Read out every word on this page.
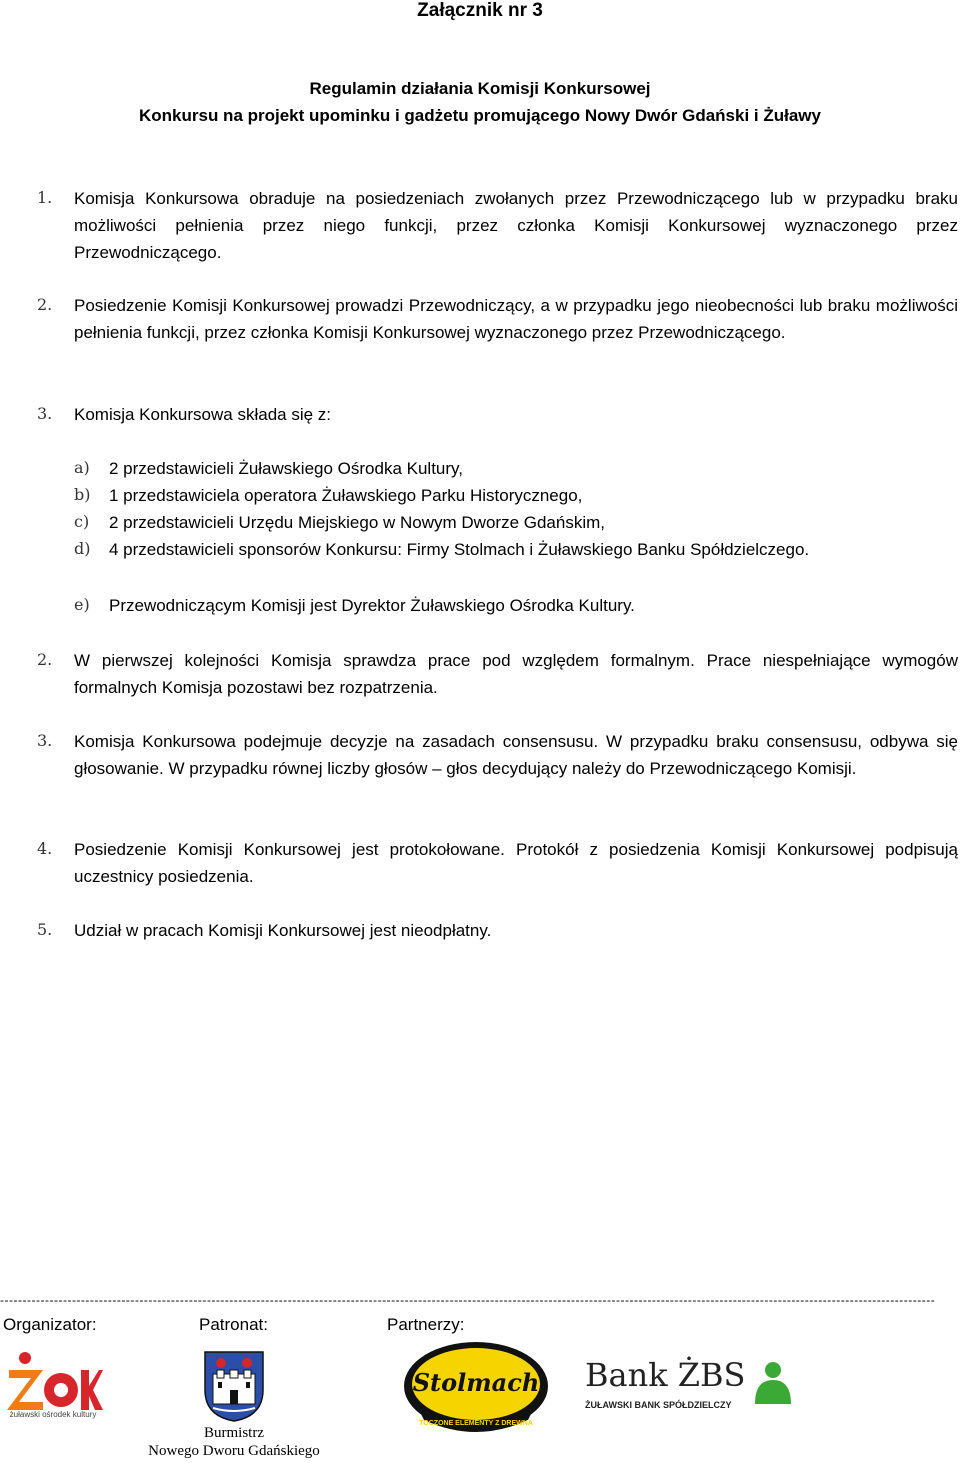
Załącznik nr 3
Regulamin działania Komisji Konkursowej
Konkursu na projekt upominku i gadżetu promującego Nowy Dwór Gdański i Żuławy
1. Komisja Konkursowa obraduje na posiedzeniach zwołanych przez Przewodniczącego lub w przypadku braku możliwości pełnienia przez niego funkcji, przez członka Komisji Konkursowej wyznaczonego przez Przewodniczącego.
2. Posiedzenie Komisji Konkursowej prowadzi Przewodniczący, a w przypadku jego nieobecności lub braku możliwości pełnienia funkcji, przez członka Komisji Konkursowej wyznaczonego przez Przewodniczącego.
3. Komisja Konkursowa składa się z:
a) 2 przedstawicieli Żuławskiego Ośrodka Kultury,
b) 1 przedstawiciela operatora Żuławskiego Parku Historycznego,
c) 2 przedstawicieli Urzędu Miejskiego w Nowym Dworze Gdańskim,
d) 4 przedstawicieli sponsorów Konkursu: Firmy Stolmach i Żuławskiego Banku Spółdzielczego.
e) Przewodniczącym Komisji jest Dyrektor Żuławskiego Ośrodka Kultury.
2. W pierwszej kolejności Komisja sprawdza prace pod względem formalnym. Prace niespełniające wymogów formalnych Komisja pozostawi bez rozpatrzenia.
3. Komisja Konkursowa podejmuje decyzje na zasadach consensusu. W przypadku braku consensusu, odbywa się głosowanie. W przypadku równej liczby głosów – głos decydujący należy do Przewodniczącego Komisji.
4. Posiedzenie Komisji Konkursowej jest protokołowane. Protokół z posiedzenia Komisji Konkursowej podpisują uczestnicy posiedzenia.
5. Udział w pracach Komisji Konkursowej jest nieodpłatny.
----------------------------------------------------------------------------------------------------------------------------------------------------------------------------------------------------------------
Organizator:	Patronat:	Partnerzy:
żuławski ośrodek kultury
Burmistrz
Nowego Dworu Gdańskiego
Stolmach
TOCZONE ELEMENTY Z DREWNA
Bank ŻBS
ŻUŁAWSKI BANK SPÓŁDZIELCZY
